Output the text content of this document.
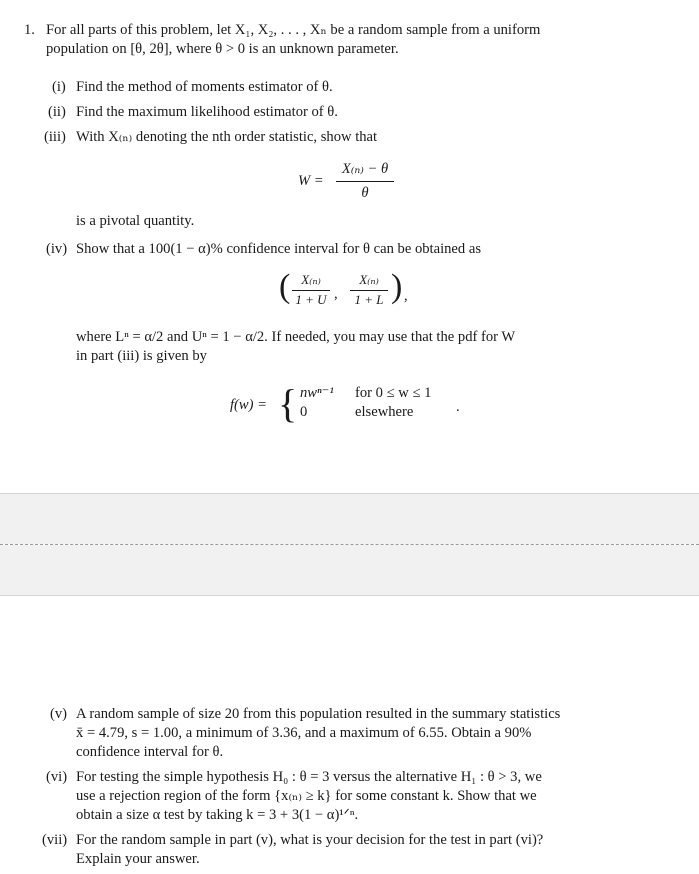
1. For all parts of this problem, let X₁, X₂, . . . , Xₙ be a random sample from a uniform
population on [θ, 2θ], where θ > 0 is an unknown parameter.
(i) Find the method of moments estimator of θ.
(ii) Find the maximum likelihood estimator of θ.
(iii) With X₍ₙ₎ denoting the nth order statistic, show that
W =
X₍ₙ₎ − θ
θ
is a pivotal quantity.
(iv) Show that a 100(1 − α)% confidence interval for θ can be obtained as
( X₍ₙ₎
1 + U ,
X₍ₙ₎
1 + L ) ,
where Lⁿ = α/2 and Uⁿ = 1 − α/2. If needed, you may use that the pdf for W
in part (iii) is given by
f(w) = { nwⁿ⁻¹ for 0 ≤ w ≤ 1
0	elsewhere	.
(v) A random sample of size 20 from this population resulted in the summary statistics
x̄ = 4.79, s = 1.00, a minimum of 3.36, and a maximum of 6.55. Obtain a 90%
confidence interval for θ.
(vi) For testing the simple hypothesis H₀ : θ = 3 versus the alternative H₁ : θ > 3, we
use a rejection region of the form {x₍ₙ₎ ≥ k} for some constant k. Show that we
obtain a size α test by taking k = 3 + 3(1 − α)¹ᐟⁿ.
(vii) For the random sample in part (v), what is your decision for the test in part (vi)?
Explain your answer.
